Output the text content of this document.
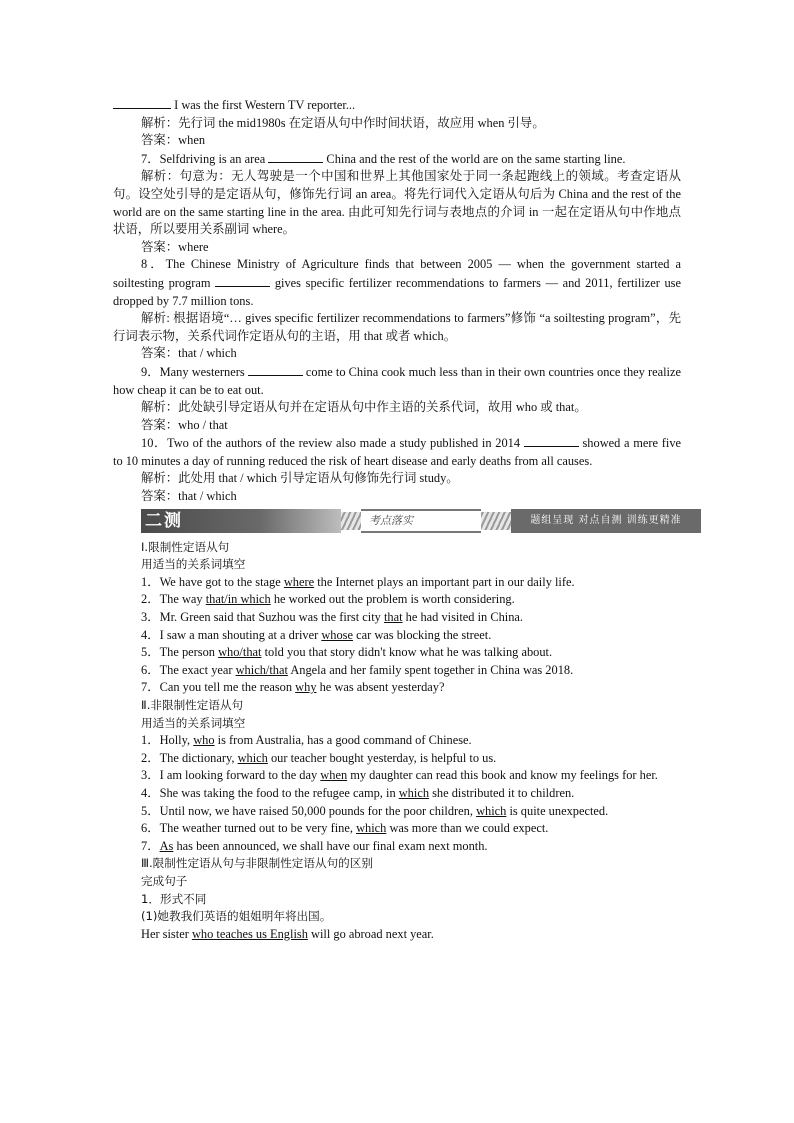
I was the first Western TV reporter...

解析：先行词 the mid1980s 在定语从句中作时间状语，故应用 when 引导。

答案：when

7．Selfdriving is an area	China and the rest of the world are on the same starting line.

解析：句意为：无人驾驶是一个中国和世界上其他国家处于同一条起跑线上的领域。考查定语从句。设空处引导的是定语从句，修饰先行词 an area。将先行词代入定语从句后为 China and the rest of the world are on the same starting line in the area. 由此可知先行词与表地点的介词 in 一起在定语从句中作地点状语，所以要用关系副词 where。

答案：where

8．The Chinese Ministry of Agriculture finds that between 2005 — when the government started a soiltesting program	gives specific fertilizer recommendations to farmers — and 2011, fertilizer use dropped by 7.7 million tons.

解析: 根据语境“… gives specific fertilizer recommendations to farmers”修饰 “a soiltesting program”，先行词表示物，关系代词作定语从句的主语，用 that 或者 which。

答案：that / which

9．Many westerners	come to China cook much less than in their own countries once they realize how cheap it can be to eat out.

解析：此处缺引导定语从句并在定语从句中作主语的关系代词，故用 who 或 that。

答案：who / that

10．Two of the authors of the review also made a study published in 2014	showed a mere five to 10 minutes a day of running reduced the risk of heart disease and early deaths from all causes.

解析：此处用 that / which 引导定语从句修饰先行词 study。

答案：that / which

二测	考点落实	题组呈现 对点自测 训练更精准

Ⅰ.限制性定语从句

用适当的关系词填空

1．We have got to the stage where the Internet plays an important part in our daily life.

2．The way that/in which he worked out the problem is worth considering.

3．Mr. Green said that Suzhou was the first city that he had visited in China.

4．I saw a man shouting at a driver whose car was blocking the street.

5．The person who/that told you that story didn't know what he was talking about.

6．The exact year which/that Angela and her family spent together in China was 2018.

7．Can you tell me the reason why he was absent yesterday?

Ⅱ.非限制性定语从句

用适当的关系词填空

1．Holly, who is from Australia, has a good command of Chinese.

2．The dictionary, which our teacher bought yesterday, is helpful to us.

3．I am looking forward to the day when my daughter can read this book and know my feelings for her.

4．She was taking the food to the refugee camp, in which she distributed it to children.

5．Until now, we have raised 50,000 pounds for the poor children, which is quite unexpected.

6．The weather turned out to be very fine, which was more than we could expect.

7．As has been announced, we shall have our final exam next month.

Ⅲ.限制性定语从句与非限制性定语从句的区别

完成句子

1．形式不同

(1)她教我们英语的姐姐明年将出国。

Her sister who teaches us English will go abroad next year.
